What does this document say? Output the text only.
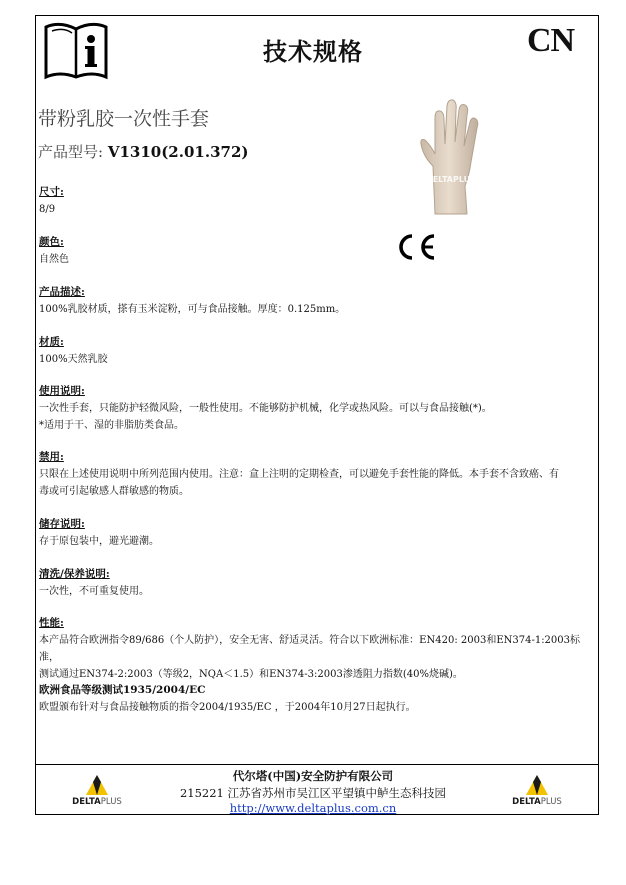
技术规格	CN
带粉乳胶一次性手套
产品型号: V1310(2.01.372)
DELTAPLUS
尺寸:

8/9

颜色:

自然色

产品描述:

100%乳胶材质，搽有玉米淀粉，可与食品接触。厚度：0.125mm。

材质:

100%天然乳胶

使用说明:

一次性手套，只能防护轻微风险，一般性使用。不能够防护机械，化学或热风险。可以与食品接触(*)。

*适用于干、湿的非脂肪类食品。

禁用:

只限在上述使用说明中所列范围内使用。注意：盒上注明的定期检查，可以避免手套性能的降低。本手套不含致癌、有

毒或可引起敏感人群敏感的物质。

储存说明:

存于原包装中，避光避潮。

清洗/保养说明:

一次性，不可重复使用。

性能:

本产品符合欧洲指令89/686（个人防护），安全无害、舒适灵活。符合以下欧洲标准：EN420: 2003和EN374-1:2003标准，

测试通过EN374-2:2003（等级2，NQA＜1.5）和EN374-3:2003渗透阻力指数(40%烧碱)。

欧洲食品等级测试1935/2004/EC

欧盟颁布针对与食品接触物质的指令2004/1935/EC ，于2004年10月27日起执行。

DELTAPLUS	DELTAPLUS
代尔塔(中国)安全防护有限公司
215221 江苏省苏州市吴江区平望镇中鲈生态科技园
http://www.deltaplus.com.cn
